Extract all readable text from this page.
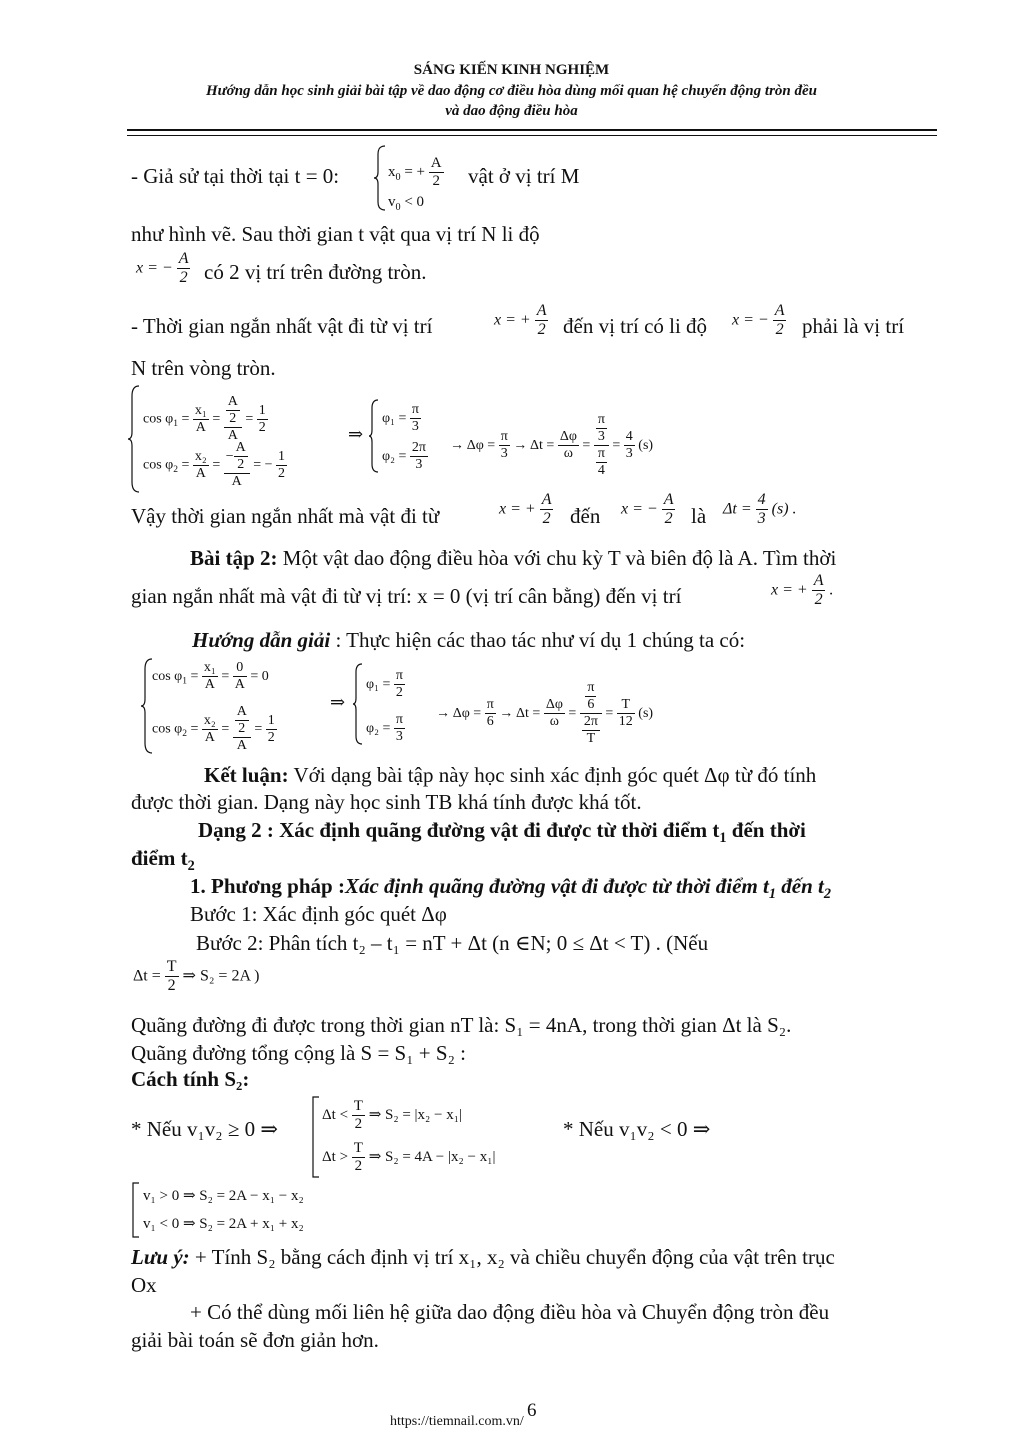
SÁNG KIẾN KINH NGHIỆM
Hướng dẫn học sinh giải bài tập về dao động cơ điều hòa dùng mối quan hệ chuyển động tròn đều
và dao động điều hòa
- Giả sử tại thời tại t = 0:	$x_0$ = + $\frac{A}{2}$
$v_0 < 0$
vật ở vị trí M
như hình vẽ. Sau thời gian t vật qua vị trí N li độ
x = − $\frac{A}{2}$ có 2 vị trí trên đường tròn.
- Thời gian ngắn nhất vật đi từ vị trí	x = + $\frac{A}{2}$ đến vị trí có li độ x = − $\frac{A}{2}$ phải là vị trí
N trên vòng tròn.
$\cos \varphi_1 = \frac{\text{x₁}}{A} = \frac{\frac{A}{2}}{A} = \frac{1}{2}$
$\cos \varphi_2 = \frac{\text{x₂}}{A} = \frac{- \frac{A}{2}}{A}$ = − $\frac{1}{2}$
⇒
$\varphi_1 = \frac{\pi}{3}$
$\varphi_2 = \frac{2\pi}{3} \to \Delta\varphi = \frac{\pi}{3} \to \Delta t = \frac{\Delta\varphi}{\omega} = \frac{\frac{\pi}{3}}{\frac{\pi}{4}} = \frac{4}{3} (s)$
Vậy thời gian ngắn nhất mà vật đi từ	x = + $\frac{A}{2}$ đến x = − $\frac{A}{2}$ là $\Delta t = \frac{4}{3} (s)$ .
Bài tập 2: Một vật dao động điều hòa với chu kỳ T và biên độ là A. Tìm thời
gian ngắn nhất mà vật đi từ vị trí: x = 0 (vị trí cân bằng) đến vị trí	x = + $\frac{A}{2}$ .
Hướng dẫn giải : Thực hiện các thao tác như ví dụ 1 chúng ta có:
$\cos \varphi_1 = \frac{\text{x₁}}{A} = \frac{0}{A} = 0$
$\cos \varphi_2 = \frac{\text{x₂}}{A} = \frac{\frac{A}{2}}{A} = \frac{1}{2}$
⇒
$\varphi_1 = \frac{\pi}{2}$
$\varphi_2 = \frac{\pi}{3} \to \Delta\varphi = \frac{\pi}{6} \to \Delta t = \frac{\Delta\varphi}{\omega} = \frac{\frac{\pi}{6}}{\frac{2\pi}{T}} = \frac{T}{12} (s)$
Kết luận: Với dạng bài tập này học sinh xác định góc quét Δφ từ đó tính
được thời gian. Dạng này học sinh TB khá tính được khá tốt.
Dạng 2 : Xác định quãng đường vật đi được từ thời điểm $t_1$ đến thời
điểm $t_2$
1. Phương pháp :Xác định quãng đường vật đi được từ thời điểm $t_1$ đến $t_2$
Bước 1: Xác định góc quét Δφ
Bước 2: Phân tích t₂ – t₁ = nT + Δt (n ∈N; 0 ≤ Δt < T) . (Nếu
$\Delta t = \frac{T}{2}$ ⇒ S₂ = 2A )
Quãng đường đi được trong thời gian nT là: S₁ = 4nA, trong thời gian Δt là S₂.
Quãng đường tổng cộng là S = S₁ + S₂ :
Cách tính S₂:
* Nếu v₁v₂ ≥ 0 ⇒
$\Delta t < \frac{T}{2}$ ⇒ S₂ = |x₂ − x₁|
$\Delta t > \frac{T}{2}$ ⇒ S₂ = 4A − |x₂ − x₁|
* Nếu v₁v₂ < 0 ⇒
v₁ > 0 ⇒ S₂ = 2A − x₁ − x₂
v₁ < 0 ⇒ S₂ = 2A + x₁ + x₂
Lưu ý: + Tính S₂ bằng cách định vị trí x₁, x₂ và chiều chuyển động của vật trên trục
Ox
+ Có thể dùng mối liên hệ giữa dao động điều hòa và Chuyển động tròn đều
giải bài toán sẽ đơn giản hơn.
6
https://tiemnail.com.vn/
